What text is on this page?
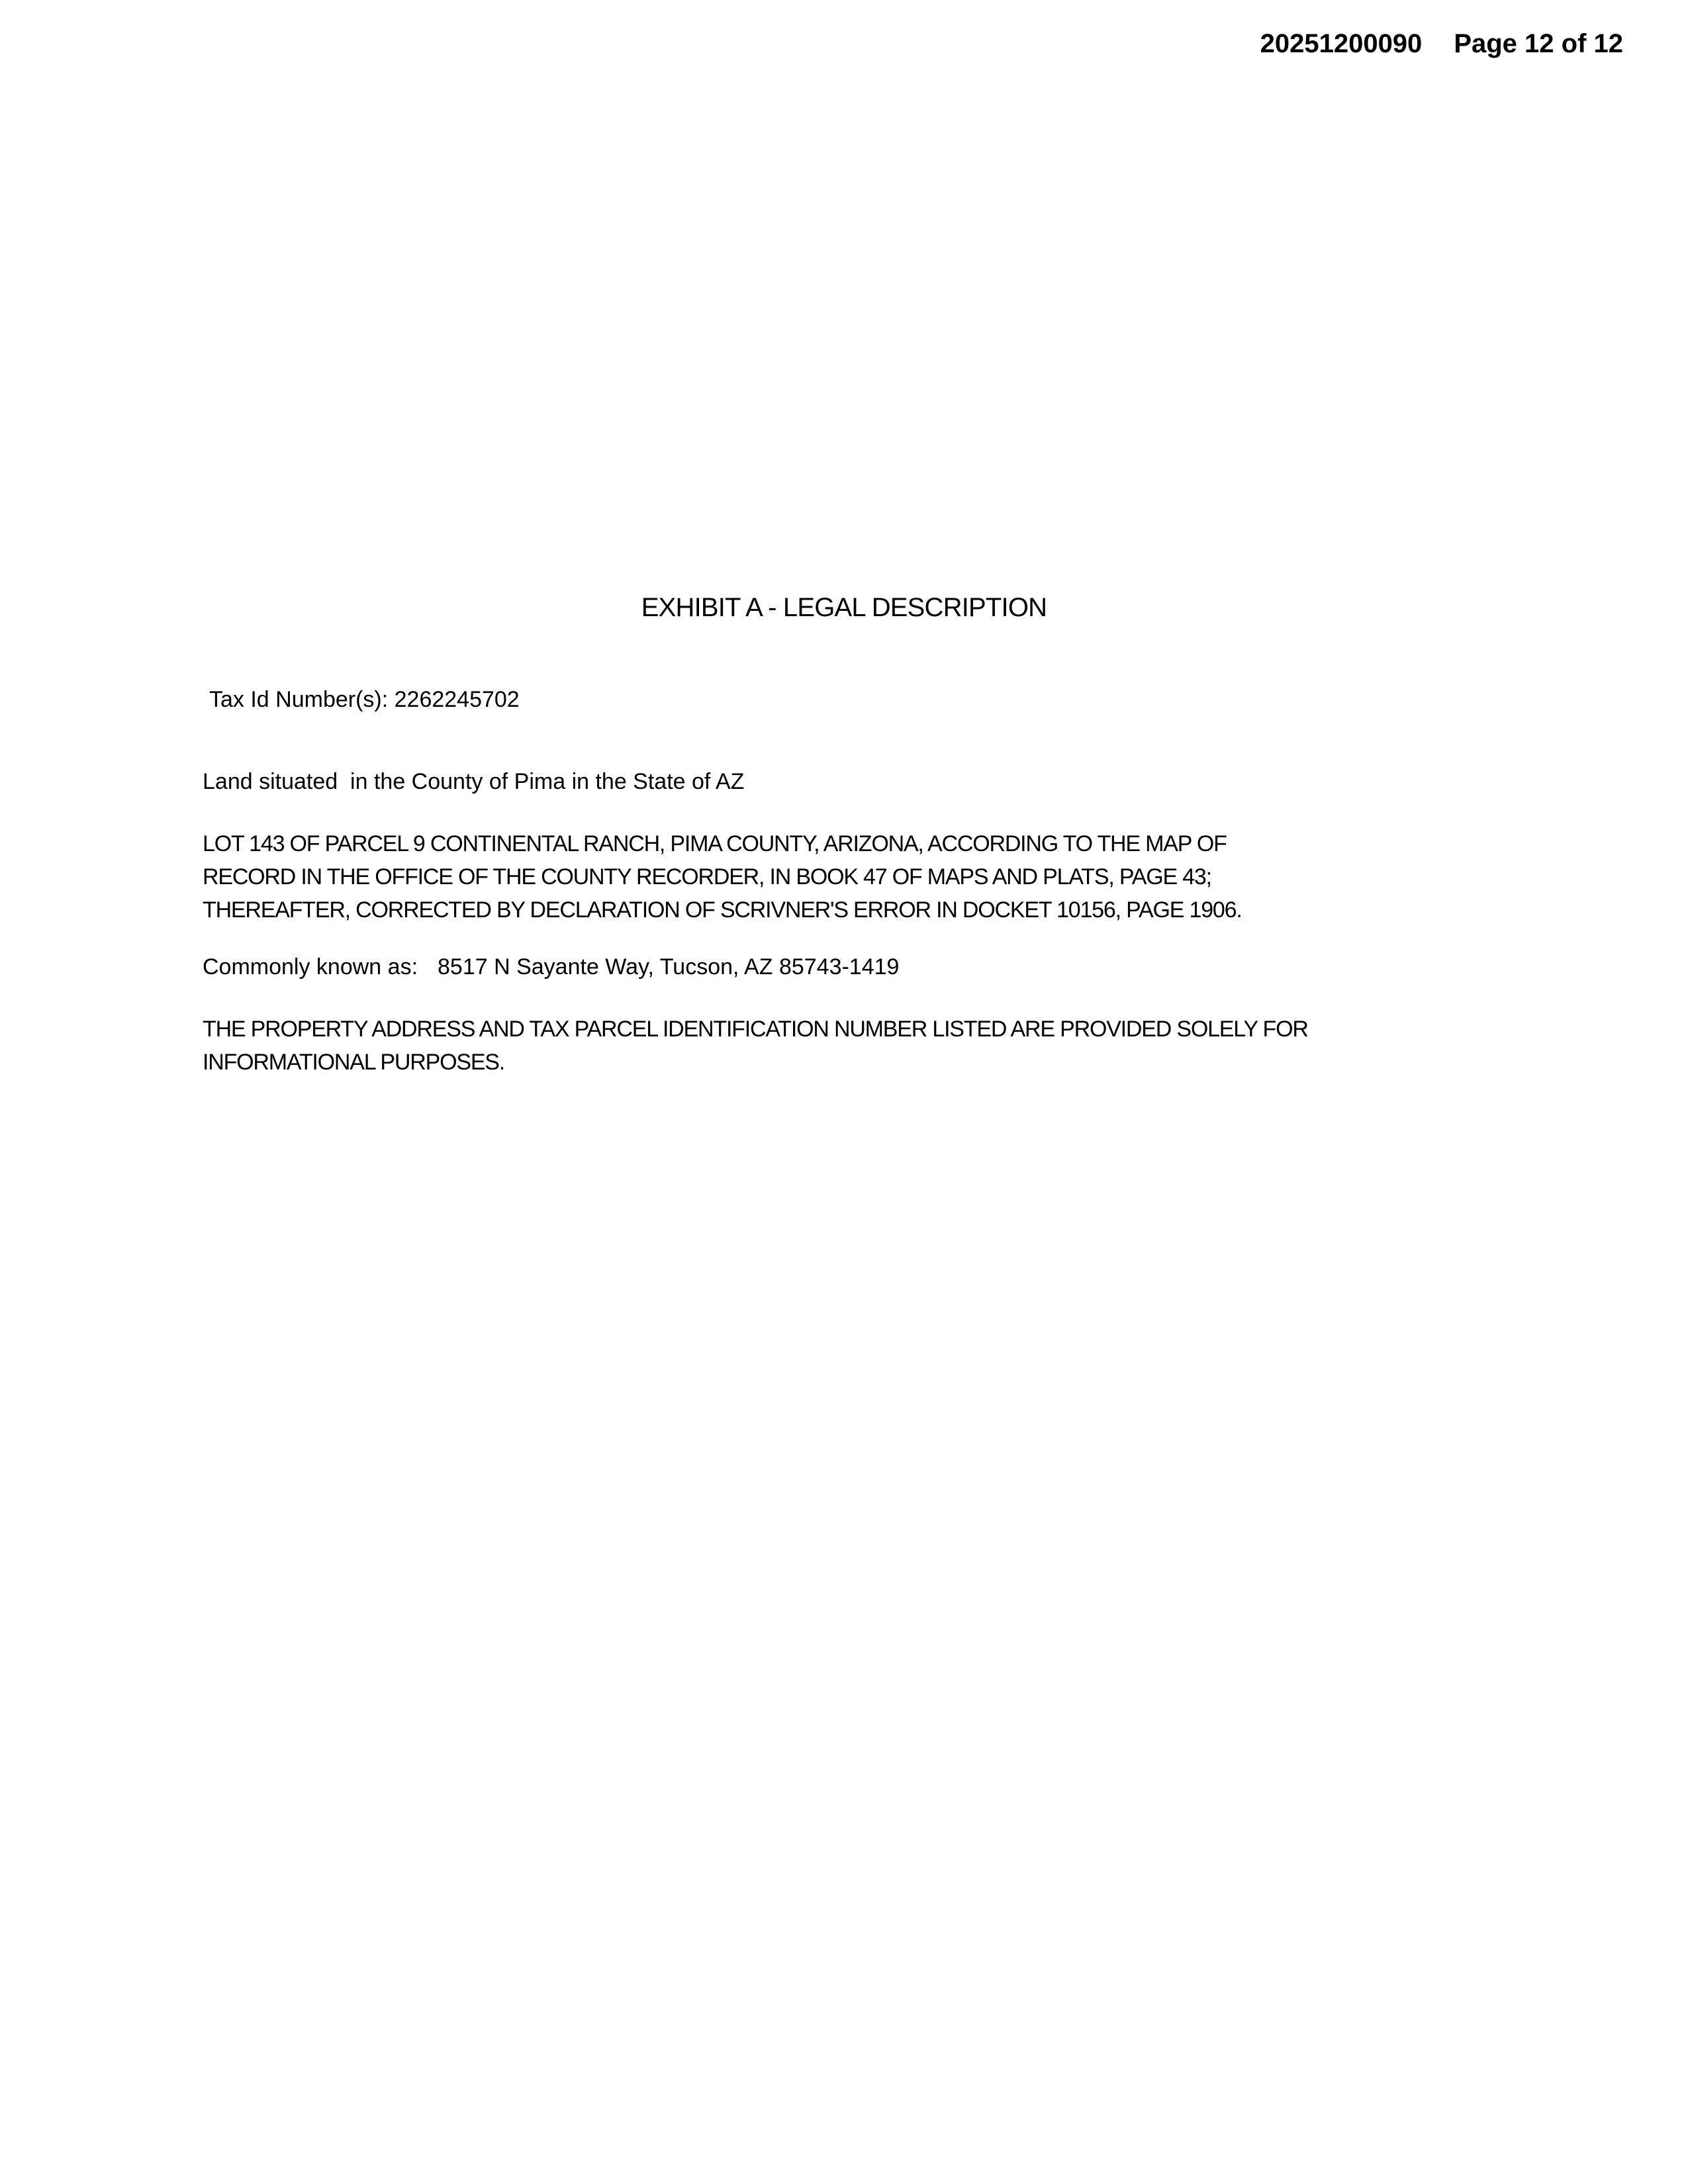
20251200090 Page 12 of 12
EXHIBIT A - LEGAL DESCRIPTION
Tax Id Number(s): 2262245702
Land situated  in the County of Pima in the State of AZ
LOT 143 OF PARCEL 9 CONTINENTAL RANCH, PIMA COUNTY, ARIZONA, ACCORDING TO THE MAP OF
RECORD IN THE OFFICE OF THE COUNTY RECORDER, IN BOOK 47 OF MAPS AND PLATS, PAGE 43;
THEREAFTER, CORRECTED BY DECLARATION OF SCRIVNER'S ERROR IN DOCKET 10156, PAGE 1906.
Commonly known as: 8517 N Sayante Way, Tucson, AZ 85743-1419
THE PROPERTY ADDRESS AND TAX PARCEL IDENTIFICATION NUMBER LISTED ARE PROVIDED SOLELY FOR
INFORMATIONAL PURPOSES.
